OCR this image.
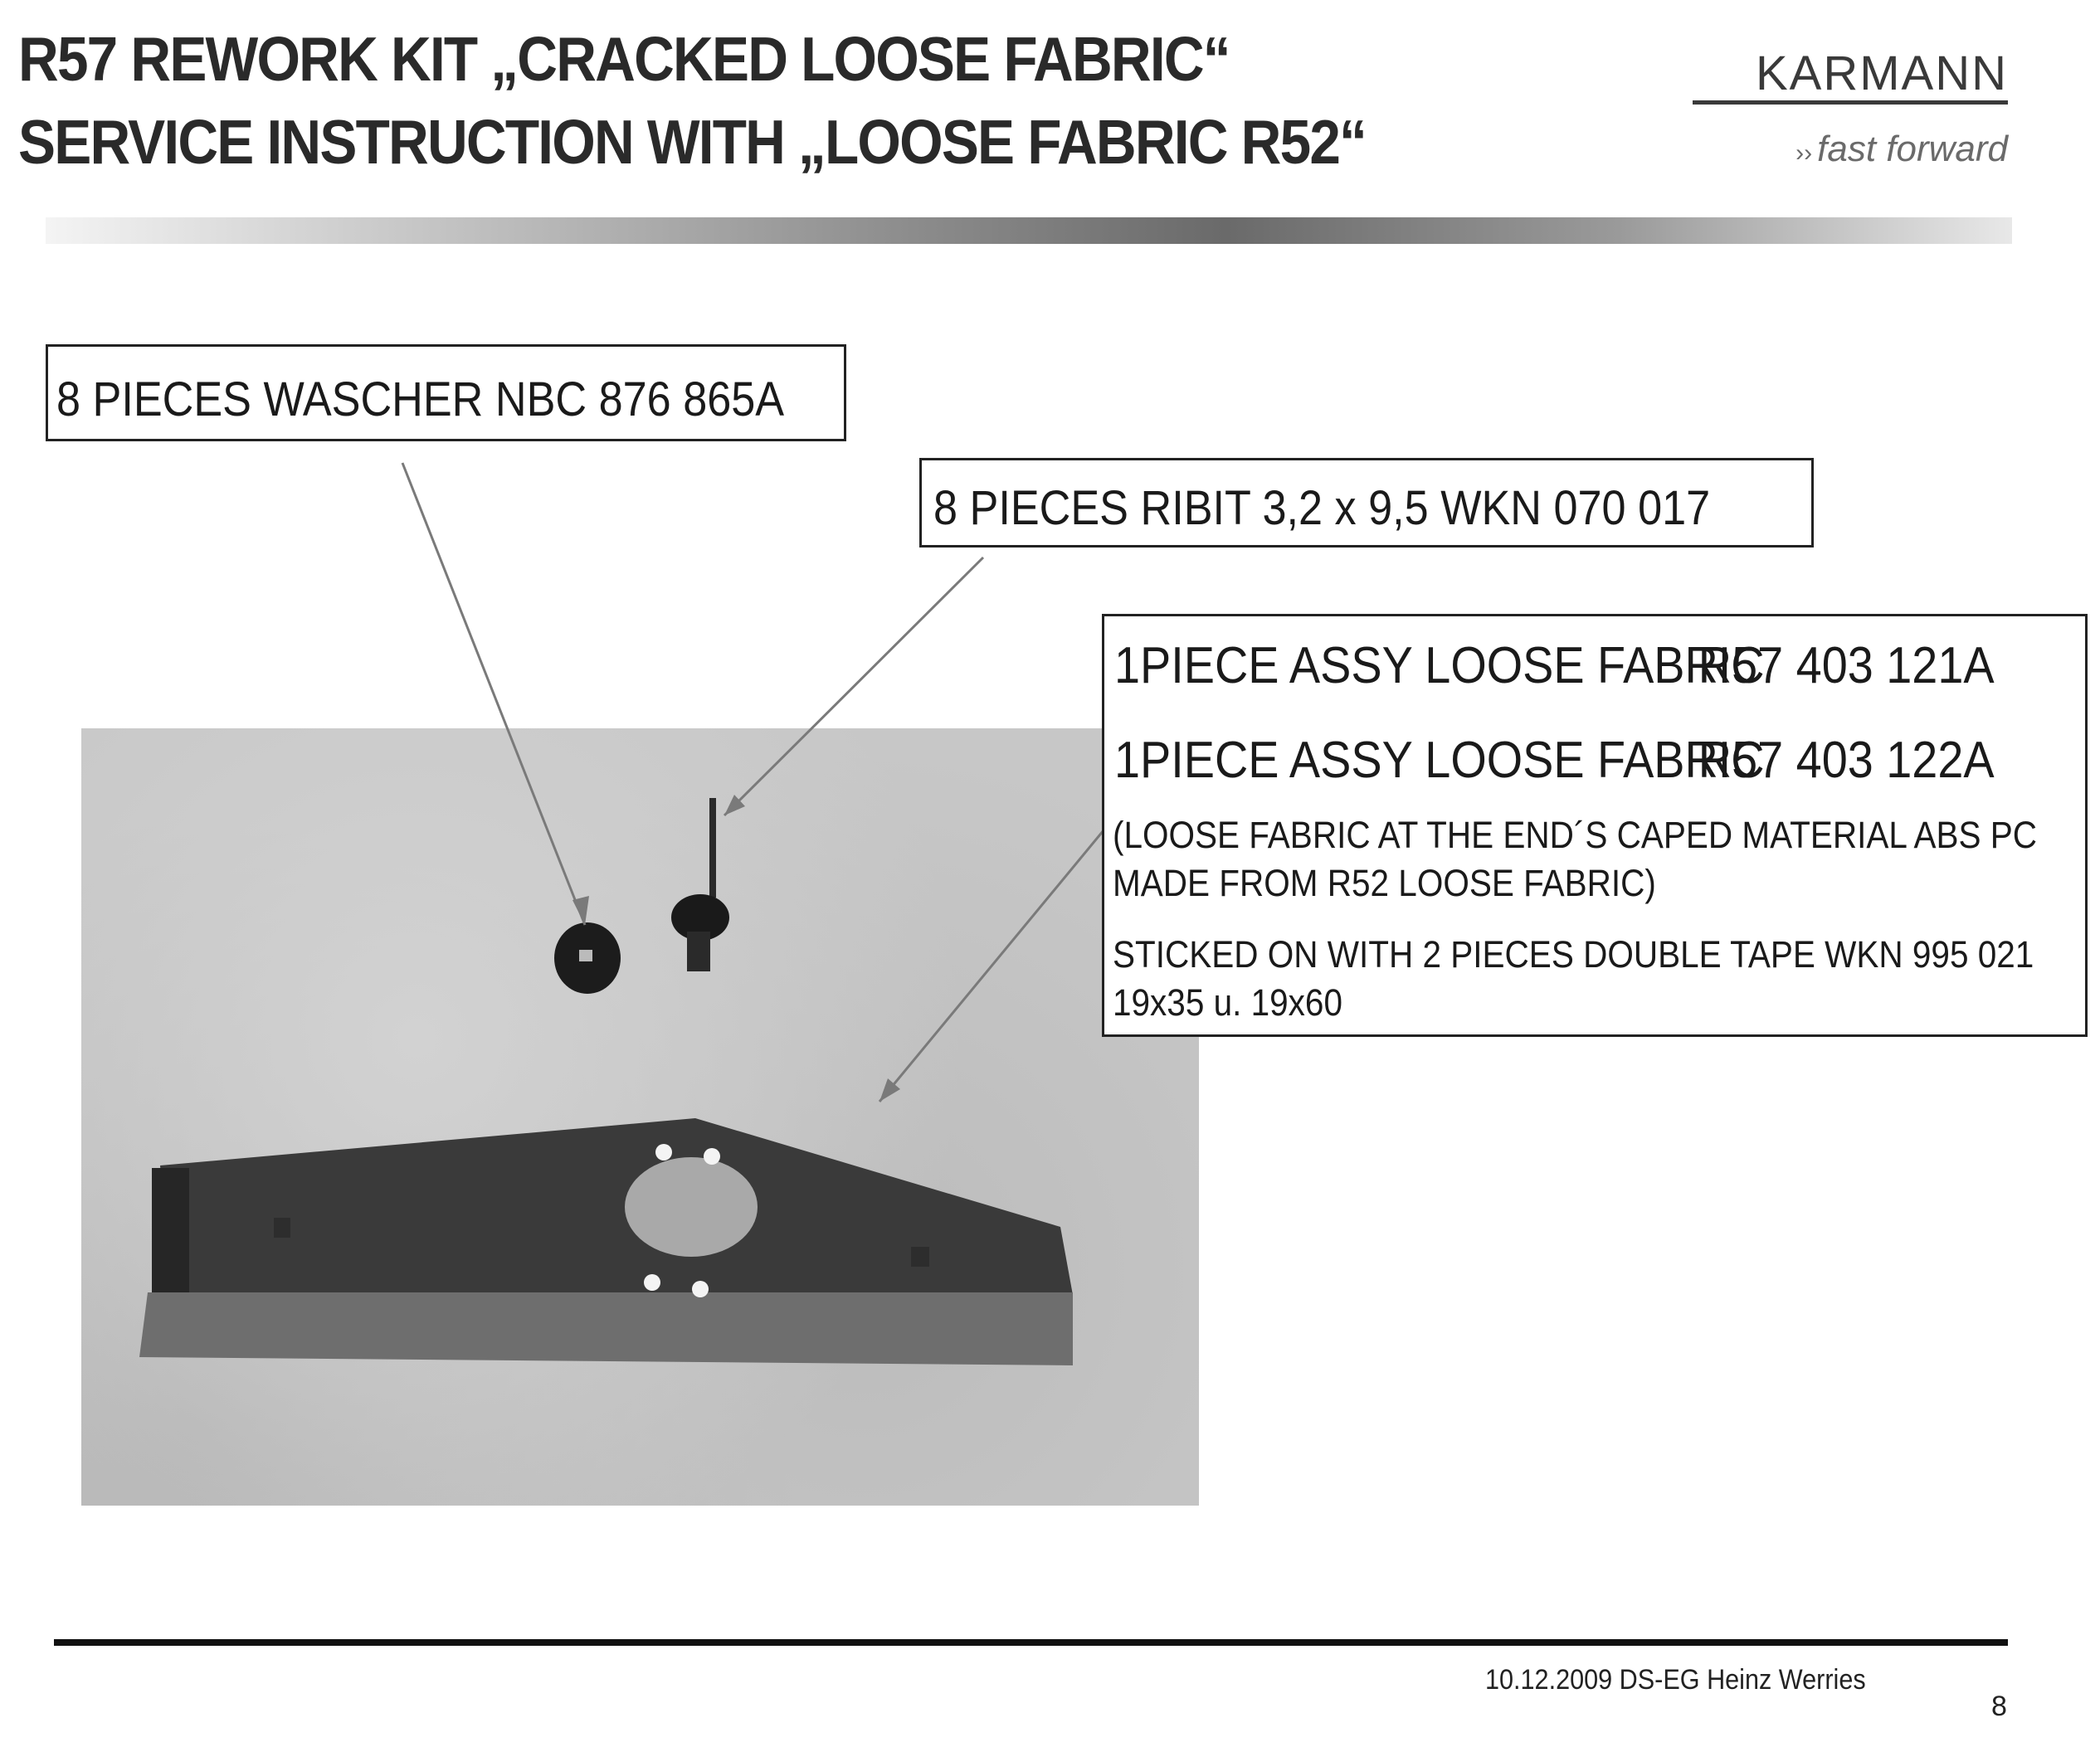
R57 REWORK KIT „CRACKED LOOSE FABRIC“
SERVICE INSTRUCTION WITH „LOOSE FABRIC R52“
KARMANN
›› fast forward
8 PIECES WASCHER NBC 876 865A
8 PIECES RIBIT 3,2 x 9,5 WKN 070 017
1PIECE ASSY LOOSE FABRIC
R57 403 121A
1PIECE ASSY LOOSE FABRIC
R57 403 122A
(LOOSE FABRIC AT THE END´S CAPED MATERIAL ABS PC
MADE FROM R52 LOOSE FABRIC)
STICKED ON WITH 2 PIECES DOUBLE TAPE WKN 995 021
19x35 u. 19x60
10.12.2009 DS-EG Heinz Werries
8
